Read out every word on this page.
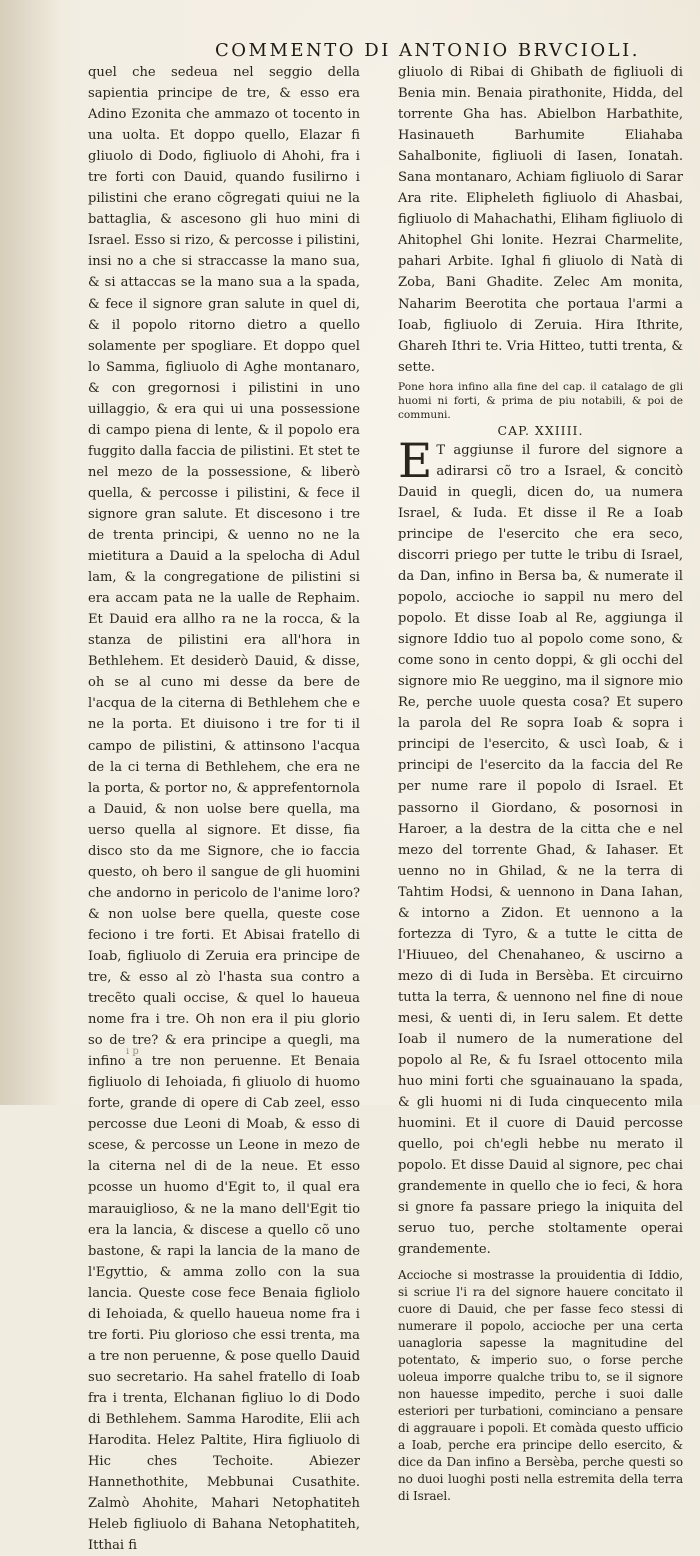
COMMENTO DI ANTONIO BRVCIOLI.

quel che sedeua nel seggio della sapientia principe de tre, & esso era Adino Ezonita che ammazo ot tocento in una uolta. Et doppo quello, Elazar fi gliuolo di Dodo, figliuolo di Ahohi, fra i tre forti con Dauid, quando fusilirno i pilistini che erano cõgregati quiui ne la battaglia, & ascesono gli huo mini di Israel. Esso si rizo, & percosse i pilistini, insi no a che si straccasse la mano sua, & si attaccas se la mano sua a la spada, & fece il signore gran salute in quel di, & il popolo ritorno dietro a quello solamente per spogliare. Et doppo quel lo Samma, figliuolo di Aghe montanaro, & con gregornosi i pilistini in uno uillaggio, & era qui ui una possessione di campo piena di lente, & il popolo era fuggito dalla faccia de pilistini. Et stet te nel mezo de la possessione, & liberò quella, & percosse i pilistini, & fece il signore gran salute. Et discesono i tre de trenta principi, & uenno no ne la mietitura a Dauid a la spelocha di Adul lam, & la congregatione de pilistini si era accam pata ne la ualle de Rephaim. Et Dauid era allho ra ne la rocca, & la stanza de pilistini era all'hora in Bethlehem. Et desiderò Dauid, & disse, oh se al cuno mi desse da bere de l'acqua de la citerna di Bethlehem che e ne la porta. Et diuisono i tre for ti il campo de pilistini, & attinsono l'acqua de la ci terna di Bethlehem, che era ne la porta, & portor no, & apprefentornola a Dauid, & non uolse bere quella, ma uerso quella al signore. Et disse, fia disco sto da me Signore, che io faccia questo, oh bero il sangue de gli huomini che andorno in pericolo de l'anime loro? & non uolse bere quella, queste cose feciono i tre forti. Et Abisai fratello di Ioab, figliuolo di Zeruia era principe de tre, & esso al zò l'hasta sua contro a trecẽto quali occise, & quel lo haueua nome fra i tre. Oh non era il piu glorio so de tre? & era principe a quegli, ma infino a tre non peruenne. Et Benaia figliuolo di Iehoiada, fi gliuolo di huomo forte, grande di opere di Cab zeel, esso percosse due Leoni di Moab, & esso di scese, & percosse un Leone in mezo de la citerna nel di de la neue. Et esso pcosse un huomo d'Egit to, il qual era marauiglioso, & ne la mano dell'Egit tio era la lancia, & discese a quello cõ uno bastone, & rapi la lancia de la mano de l'Egyttio, & amma zollo con la sua lancia. Queste cose fece Benaia figliolo di Iehoiada, & quello haueua nome fra i tre forti. Piu glorioso che essi trenta, ma a tre non peruenne, & pose quello Dauid suo secretario. Ha sahel fratello di Ioab fra i trenta, Elchanan figliuo lo di Dodo di Bethlehem. Samma Harodite, Elii ach Harodita. Helez Paltite, Hira figliuolo di Hic ches Techoite. Abiezer Hannethothite, Mebbunai Cusathite. Zalmò Ahohite, Mahari Netophatiteh Heleb figliuolo di Bahana Netophatiteh, Itthai fi

gliuolo di Ribai di Ghibath de figliuoli di Benia min. Benaia pirathonite, Hidda, del torrente Gha has. Abielbon Harbathite, Hasinaueth Barhumite Eliahaba Sahalbonite, figliuoli di Iasen, Ionatah. Sana montanaro, Achiam figliuolo di Sarar Ara rite. Elipheleth figliuolo di Ahasbai, figliuolo di Mahachathi, Eliham figliuolo di Ahitophel Ghi lonite. Hezrai Charmelite, pahari Arbite. Ighal fi gliuolo di Natà di Zoba, Bani Ghadite. Zelec Am monita, Naharim Beerotita che portaua l'armi a Ioab, figliuolo di Zeruia. Hira Ithrite, Ghareh Ithri te. Vria Hitteo, tutti trenta, & sette.

Pone hora infino alla fine del cap. il catalago de gli huomi ni forti, & prima de piu notabili, & poi de communi.

CAP. XXIIII.

E T aggiunse il furore del signore a adirarsi cõ tro a Israel, & concitò Dauid in quegli, dicen do, ua numera Israel, & Iuda. Et disse il Re a Ioab principe de l'esercito che era seco, discorri priego per tutte le tribu di Israel, da Dan, infino in Bersa ba, & numerate il popolo, accioche io sappil nu mero del popolo. Et disse Ioab al Re, aggiunga il signore Iddio tuo al popolo come sono, & come sono in cento doppi, & gli occhi del signore mio Re ueggino, ma il signore mio Re, perche uuole questa cosa? Et supero la parola del Re sopra Ioab & sopra i principi de l'esercito, & uscì Ioab, & i principi de l'esercito da la faccia del Re per nume rare il popolo di Israel. Et passorno il Giordano, & posornosi in Haroer, a la destra de la citta che e nel mezo del torrente Ghad, & Iahaser. Et uenno no in Ghilad, & ne la terra di Tahtim Hodsi, & uennono in Dana Iahan, & intorno a Zidon. Et uennono a la fortezza di Tyro, & a tutte le citta de l'Hiuueo, del Chenahaneo, & uscirno a mezo di di Iuda in Bersèba. Et circuirno tutta la terra, & uennono nel fine di noue mesi, & uenti di, in Ieru salem. Et dette Ioab il numero de la numeratione del popolo al Re, & fu Israel ottocento mila huo mini forti che sguainauano la spada, & gli huomi ni di Iuda cinquecento mila huomini. Et il cuore di Dauid percosse quello, poi ch'egli hebbe nu merato il popolo. Et disse Dauid al signore, pec chai grandemente in quello che io feci, & hora si gnore fa passare priego la iniquita del seruo tuo, perche stoltamente operai grandemente.

Accioche si mostrasse la prouidentia di Iddio, si scriue l'i ra del signore hauere concitato il cuore di Dauid, che per fasse feco stessi di numerare il popolo, accioche per una certa uanagloria sapesse la magnitudine del potentato, & imperio suo, o forse perche uoleua imporre qualche tribu to, se il signore non hauesse impedito, perche i suoi dalle esteriori per turbationi, cominciano a pensare di aggrauare i popoli. Et comàda questo ufficio a Ioab, perche era principe dello esercito, & dice da Dan infino a Bersèba, perche questi so no duoi luoghi posti nella estremita della terra di Israel.

ı p
